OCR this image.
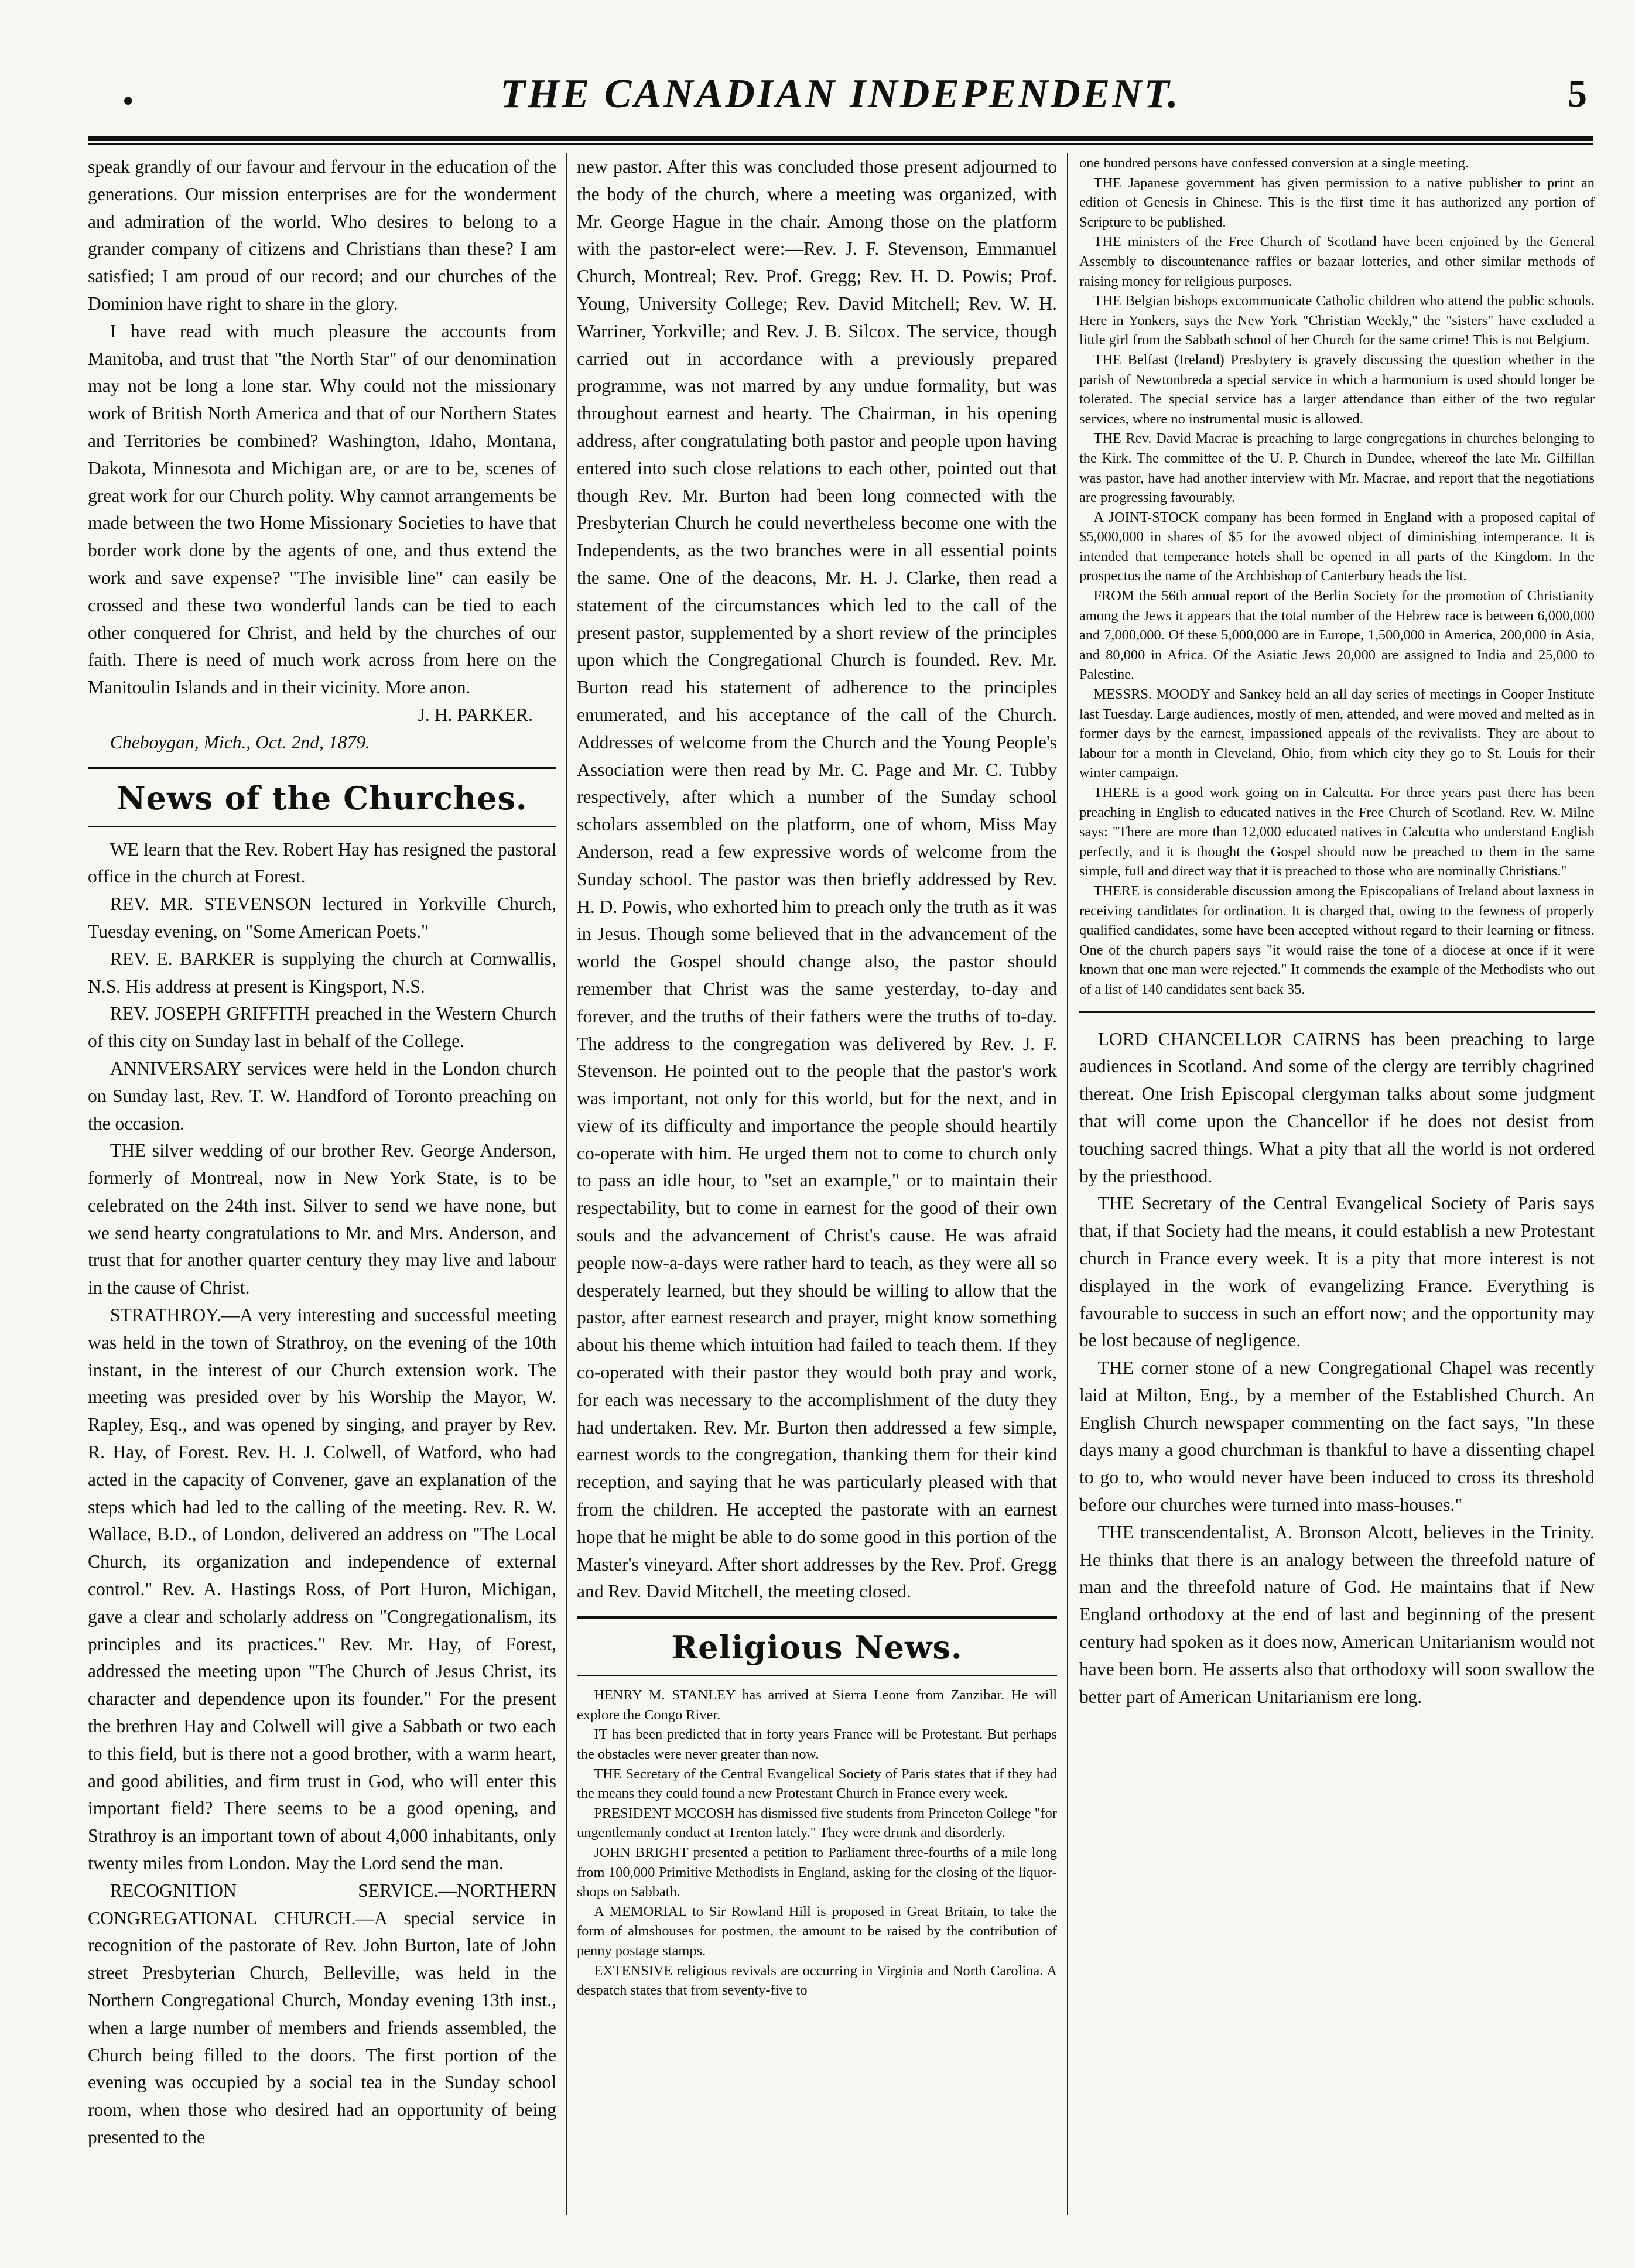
•	THE CANADIAN INDEPENDENT.	5

speak grandly of our favour and fervour in the education of the generations. Our mission enterprises are for the wonderment and admiration of the world. Who desires to belong to a grander company of citizens and Christians than these? I am satisfied; I am proud of our record; and our churches of the Dominion have right to share in the glory.

I have read with much pleasure the accounts from Manitoba, and trust that "the North Star" of our denomination may not be long a lone star. Why could not the missionary work of British North America and that of our Northern States and Territories be combined? Washington, Idaho, Montana, Dakota, Minnesota and Michigan are, or are to be, scenes of great work for our Church polity. Why cannot arrangements be made between the two Home Missionary Societies to have that border work done by the agents of one, and thus extend the work and save expense? "The invisible line" can easily be crossed and these two wonderful lands can be tied to each other conquered for Christ, and held by the churches of our faith. There is need of much work across from here on the Manitoulin Islands and in their vicinity. More anon.

J. H. PARKER.

Cheboygan, Mich., Oct. 2nd, 1879.

News of the Churches.

WE learn that the Rev. Robert Hay has resigned the pastoral office in the church at Forest.

REV. MR. STEVENSON lectured in Yorkville Church, Tuesday evening, on "Some American Poets."

REV. E. BARKER is supplying the church at Cornwallis, N.S. His address at present is Kingsport, N.S.

REV. JOSEPH GRIFFITH preached in the Western Church of this city on Sunday last in behalf of the College.

ANNIVERSARY services were held in the London church on Sunday last, Rev. T. W. Handford of Toronto preaching on the occasion.

THE silver wedding of our brother Rev. George Anderson, formerly of Montreal, now in New York State, is to be celebrated on the 24th inst. Silver to send we have none, but we send hearty congratulations to Mr. and Mrs. Anderson, and trust that for another quarter century they may live and labour in the cause of Christ.

STRATHROY.—A very interesting and successful meeting was held in the town of Strathroy, on the evening of the 10th instant, in the interest of our Church extension work. The meeting was presided over by his Worship the Mayor, W. Rapley, Esq., and was opened by singing, and prayer by Rev. R. Hay, of Forest. Rev. H. J. Colwell, of Watford, who had acted in the capacity of Convener, gave an explanation of the steps which had led to the calling of the meeting. Rev. R. W. Wallace, B.D., of London, delivered an address on "The Local Church, its organization and independence of external control." Rev. A. Hastings Ross, of Port Huron, Michigan, gave a clear and scholarly address on "Congregationalism, its principles and its practices." Rev. Mr. Hay, of Forest, addressed the meeting upon "The Church of Jesus Christ, its character and dependence upon its founder." For the present the brethren Hay and Colwell will give a Sabbath or two each to this field, but is there not a good brother, with a warm heart, and good abilities, and firm trust in God, who will enter this important field? There seems to be a good opening, and Strathroy is an important town of about 4,000 inhabitants, only twenty miles from London. May the Lord send the man.

RECOGNITION SERVICE.—NORTHERN CONGREGATIONAL CHURCH.—A special service in recognition of the pastorate of Rev. John Burton, late of John street Presbyterian Church, Belleville, was held in the Northern Congregational Church, Monday evening 13th inst., when a large number of members and friends assembled, the Church being filled to the doors. The first portion of the evening was occupied by a social tea in the Sunday school room, when those who desired had an opportunity of being presented to the

new pastor. After this was concluded those present adjourned to the body of the church, where a meeting was organized, with Mr. George Hague in the chair. Among those on the platform with the pastor-elect were:—Rev. J. F. Stevenson, Emmanuel Church, Montreal; Rev. Prof. Gregg; Rev. H. D. Powis; Prof. Young, University College; Rev. David Mitchell; Rev. W. H. Warriner, Yorkville; and Rev. J. B. Silcox. The service, though carried out in accordance with a previously prepared programme, was not marred by any undue formality, but was throughout earnest and hearty. The Chairman, in his opening address, after congratulating both pastor and people upon having entered into such close relations to each other, pointed out that though Rev. Mr. Burton had been long connected with the Presbyterian Church he could nevertheless become one with the Independents, as the two branches were in all essential points the same. One of the deacons, Mr. H. J. Clarke, then read a statement of the circumstances which led to the call of the present pastor, supplemented by a short review of the principles upon which the Congregational Church is founded. Rev. Mr. Burton read his statement of adherence to the principles enumerated, and his acceptance of the call of the Church. Addresses of welcome from the Church and the Young People's Association were then read by Mr. C. Page and Mr. C. Tubby respectively, after which a number of the Sunday school scholars assembled on the platform, one of whom, Miss May Anderson, read a few expressive words of welcome from the Sunday school. The pastor was then briefly addressed by Rev. H. D. Powis, who exhorted him to preach only the truth as it was in Jesus. Though some believed that in the advancement of the world the Gospel should change also, the pastor should remember that Christ was the same yesterday, to-day and forever, and the truths of their fathers were the truths of to-day. The address to the congregation was delivered by Rev. J. F. Stevenson. He pointed out to the people that the pastor's work was important, not only for this world, but for the next, and in view of its difficulty and importance the people should heartily co-operate with him. He urged them not to come to church only to pass an idle hour, to "set an example," or to maintain their respectability, but to come in earnest for the good of their own souls and the advancement of Christ's cause. He was afraid people now-a-days were rather hard to teach, as they were all so desperately learned, but they should be willing to allow that the pastor, after earnest research and prayer, might know something about his theme which intuition had failed to teach them. If they co-operated with their pastor they would both pray and work, for each was necessary to the accomplishment of the duty they had undertaken. Rev. Mr. Burton then addressed a few simple, earnest words to the congregation, thanking them for their kind reception, and saying that he was particularly pleased with that from the children. He accepted the pastorate with an earnest hope that he might be able to do some good in this portion of the Master's vineyard. After short addresses by the Rev. Prof. Gregg and Rev. David Mitchell, the meeting closed.

Religious News.

HENRY M. STANLEY has arrived at Sierra Leone from Zanzibar. He will explore the Congo River.

IT has been predicted that in forty years France will be Protestant. But perhaps the obstacles were never greater than now.

THE Secretary of the Central Evangelical Society of Paris states that if they had the means they could found a new Protestant Church in France every week.

PRESIDENT MCCOSH has dismissed five students from Princeton College "for ungentlemanly conduct at Trenton lately." They were drunk and disorderly.

JOHN BRIGHT presented a petition to Parliament three-fourths of a mile long from 100,000 Primitive Methodists in England, asking for the closing of the liquor-shops on Sabbath.

A MEMORIAL to Sir Rowland Hill is proposed in Great Britain, to take the form of almshouses for postmen, the amount to be raised by the contribution of penny postage stamps.

EXTENSIVE religious revivals are occurring in Virginia and North Carolina. A despatch states that from seventy-five to

one hundred persons have confessed conversion at a single meeting.

THE Japanese government has given permission to a native publisher to print an edition of Genesis in Chinese. This is the first time it has authorized any portion of Scripture to be published.

THE ministers of the Free Church of Scotland have been enjoined by the General Assembly to discountenance raffles or bazaar lotteries, and other similar methods of raising money for religious purposes.

THE Belgian bishops excommunicate Catholic children who attend the public schools. Here in Yonkers, says the New York "Christian Weekly," the "sisters" have excluded a little girl from the Sabbath school of her Church for the same crime! This is not Belgium.

THE Belfast (Ireland) Presbytery is gravely discussing the question whether in the parish of Newtonbreda a special service in which a harmonium is used should longer be tolerated. The special service has a larger attendance than either of the two regular services, where no instrumental music is allowed.

THE Rev. David Macrae is preaching to large congregations in churches belonging to the Kirk. The committee of the U. P. Church in Dundee, whereof the late Mr. Gilfillan was pastor, have had another interview with Mr. Macrae, and report that the negotiations are progressing favourably.

A JOINT-STOCK company has been formed in England with a proposed capital of $5,000,000 in shares of $5 for the avowed object of diminishing intemperance. It is intended that temperance hotels shall be opened in all parts of the Kingdom. In the prospectus the name of the Archbishop of Canterbury heads the list.

FROM the 56th annual report of the Berlin Society for the promotion of Christianity among the Jews it appears that the total number of the Hebrew race is between 6,000,000 and 7,000,000. Of these 5,000,000 are in Europe, 1,500,000 in America, 200,000 in Asia, and 80,000 in Africa. Of the Asiatic Jews 20,000 are assigned to India and 25,000 to Palestine.

MESSRS. MOODY and Sankey held an all day series of meetings in Cooper Institute last Tuesday. Large audiences, mostly of men, attended, and were moved and melted as in former days by the earnest, impassioned appeals of the revivalists. They are about to labour for a month in Cleveland, Ohio, from which city they go to St. Louis for their winter campaign.

THERE is a good work going on in Calcutta. For three years past there has been preaching in English to educated natives in the Free Church of Scotland. Rev. W. Milne says: "There are more than 12,000 educated natives in Calcutta who understand English perfectly, and it is thought the Gospel should now be preached to them in the same simple, full and direct way that it is preached to those who are nominally Christians."

THERE is considerable discussion among the Episcopalians of Ireland about laxness in receiving candidates for ordination. It is charged that, owing to the fewness of properly qualified candidates, some have been accepted without regard to their learning or fitness. One of the church papers says "it would raise the tone of a diocese at once if it were known that one man were rejected." It commends the example of the Methodists who out of a list of 140 candidates sent back 35.

LORD CHANCELLOR CAIRNS has been preaching to large audiences in Scotland. And some of the clergy are terribly chagrined thereat. One Irish Episcopal clergyman talks about some judgment that will come upon the Chancellor if he does not desist from touching sacred things. What a pity that all the world is not ordered by the priesthood.

THE Secretary of the Central Evangelical Society of Paris says that, if that Society had the means, it could establish a new Protestant church in France every week. It is a pity that more interest is not displayed in the work of evangelizing France. Everything is favourable to success in such an effort now; and the opportunity may be lost because of negligence.

THE corner stone of a new Congregational Chapel was recently laid at Milton, Eng., by a member of the Established Church. An English Church newspaper commenting on the fact says, "In these days many a good churchman is thankful to have a dissenting chapel to go to, who would never have been induced to cross its threshold before our churches were turned into mass-houses."

THE transcendentalist, A. Bronson Alcott, believes in the Trinity. He thinks that there is an analogy between the threefold nature of man and the threefold nature of God. He maintains that if New England orthodoxy at the end of last and beginning of the present century had spoken as it does now, American Unitarianism would not have been born. He asserts also that orthodoxy will soon swallow the better part of American Unitarianism ere long.
